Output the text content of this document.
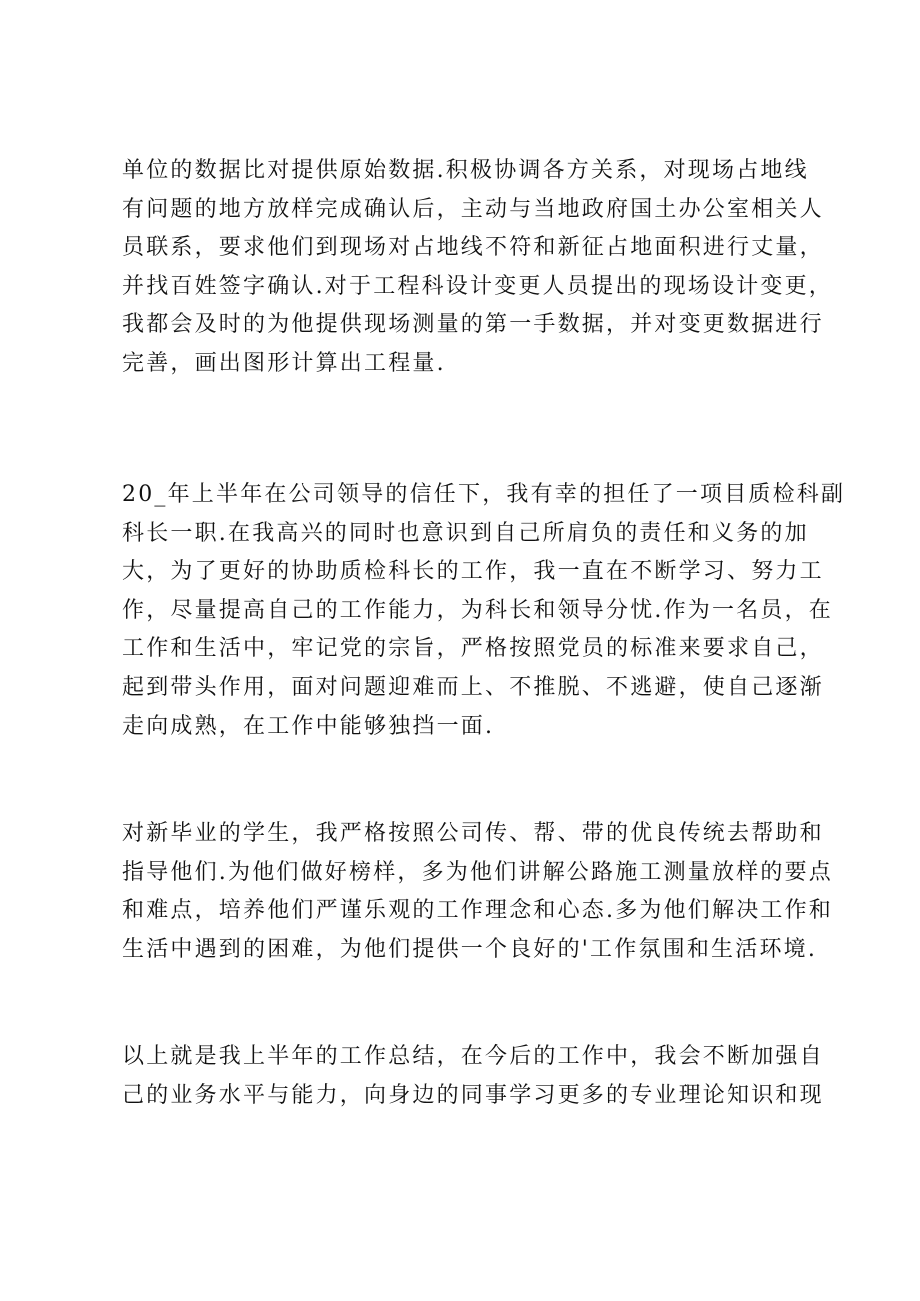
单位的数据比对提供原始数据.积极协调各方关系，对现场占地线
有问题的地方放样完成确认后，主动与当地政府国土办公室相关人
员联系，要求他们到现场对占地线不符和新征占地面积进行丈量，
并找百姓签字确认.对于工程科设计变更人员提出的现场设计变更，
我都会及时的为他提供现场测量的第一手数据，并对变更数据进行
完善，画出图形计算出工程量.
20_年上半年在公司领导的信任下，我有幸的担任了一项目质检科副
科长一职.在我高兴的同时也意识到自己所肩负的责任和义务的加
大，为了更好的协助质检科长的工作，我一直在不断学习、努力工
作，尽量提高自己的工作能力，为科长和领导分忧.作为一名员，在
工作和生活中，牢记党的宗旨，严格按照党员的标准来要求自己，
起到带头作用，面对问题迎难而上、不推脱、不逃避，使自己逐渐
走向成熟，在工作中能够独挡一面.
对新毕业的学生，我严格按照公司传、帮、带的优良传统去帮助和
指导他们.为他们做好榜样，多为他们讲解公路施工测量放样的要点
和难点，培养他们严谨乐观的工作理念和心态.多为他们解决工作和
生活中遇到的困难，为他们提供一个良好的'工作氛围和生活环境.
以上就是我上半年的工作总结，在今后的工作中，我会不断加强自
己的业务水平与能力，向身边的同事学习更多的专业理论知识和现
